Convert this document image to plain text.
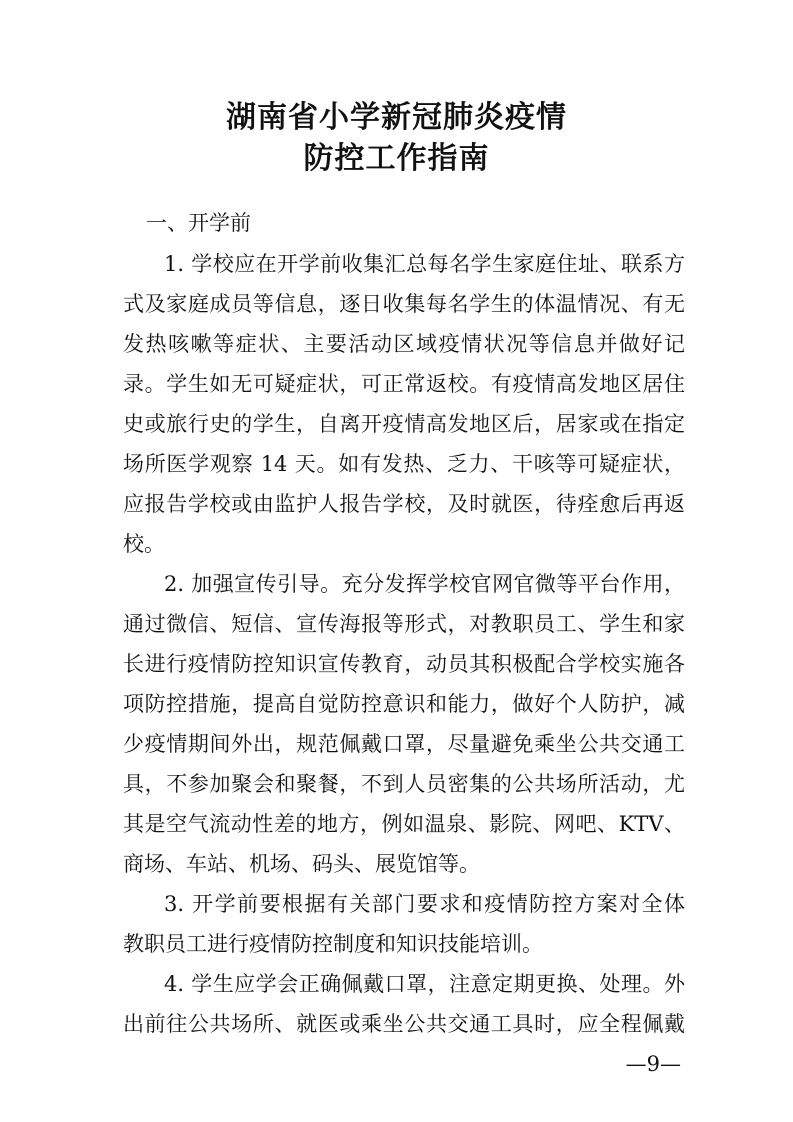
湖南省小学新冠肺炎疫情
防控工作指南
一、开学前
1. 学校应在开学前收集汇总每名学生家庭住址、联系方
式及家庭成员等信息，逐日收集每名学生的体温情况、有无
发热咳嗽等症状、主要活动区域疫情状况等信息并做好记
录。学生如无可疑症状，可正常返校。有疫情高发地区居住
史或旅行史的学生，自离开疫情高发地区后，居家或在指定
场所医学观察 14 天。如有发热、乏力、干咳等可疑症状，
应报告学校或由监护人报告学校，及时就医，待痊愈后再返
校。
2. 加强宣传引导。充分发挥学校官网官微等平台作用，
通过微信、短信、宣传海报等形式，对教职员工、学生和家
长进行疫情防控知识宣传教育，动员其积极配合学校实施各
项防控措施，提高自觉防控意识和能力，做好个人防护，减
少疫情期间外出，规范佩戴口罩，尽量避免乘坐公共交通工
具，不参加聚会和聚餐，不到人员密集的公共场所活动，尤
其是空气流动性差的地方，例如温泉、影院、网吧、KTV、
商场、车站、机场、码头、展览馆等。
3. 开学前要根据有关部门要求和疫情防控方案对全体
教职员工进行疫情防控制度和知识技能培训。
4. 学生应学会正确佩戴口罩，注意定期更换、处理。外
出前往公共场所、就医或乘坐公共交通工具时，应全程佩戴
—9—
